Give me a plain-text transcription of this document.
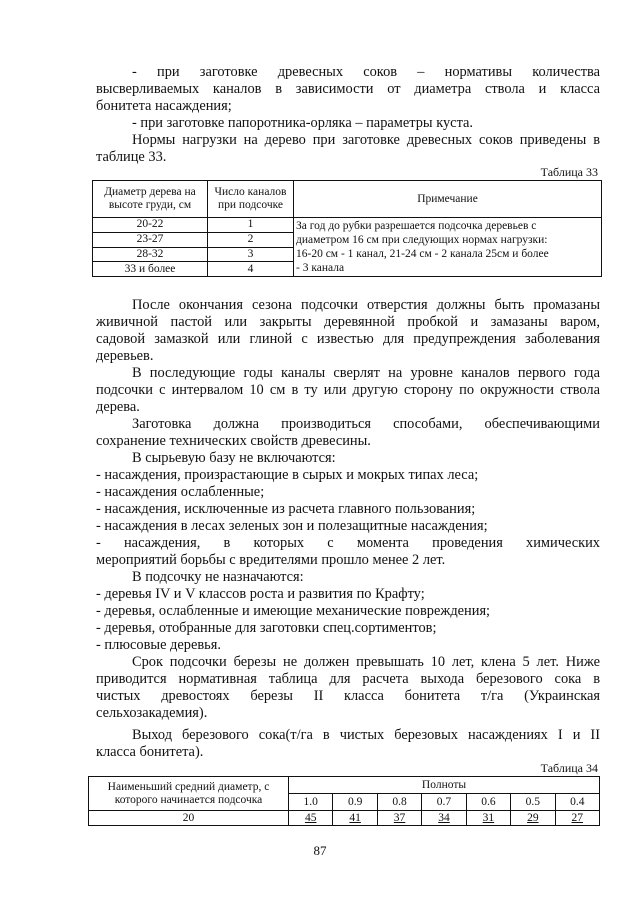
- при заготовке древесных соков – нормативы количества

высверливаемых каналов в зависимости от диаметра ствола и класса

бонитета насаждения;

- при заготовке папоротника-орляка – параметры куста.

Нормы нагрузки на дерево при заготовке древесных соков приведены в

таблице 33.

Таблица 33
Диаметр дерева на высоте груди, см	Число каналов при подсочке	Примечание
20-22	1	За год до рубки разрешается подсочка деревьев с
диаметром 16 см при следующих нормах нагрузки:
16-20 см - 1 канал, 21-24 см - 2 канала 25см и более
- 3 канала

23-27	2	
28-32	3	
33 и более	4	

После окончания сезона подсочки отверстия должны быть промазаны

живичной пастой или закрыты деревянной пробкой и замазаны варом,

садовой замазкой или глиной с известью для предупреждения заболевания

деревьев.

В последующие годы каналы сверлят на уровне каналов первого года

подсочки с интервалом 10 см в ту или другую сторону по окружности ствола

дерева.

Заготовка должна производиться способами, обеспечивающими

сохранение технических свойств древесины.

В сырьевую базу не включаются:

- насаждения, произрастающие в сырых и мокрых типах леса;

- насаждения ослабленные;

- насаждения, исключенные из расчета главного пользования;

- насаждения в лесах зеленых зон и полезащитные насаждения;

- насаждения, в которых с момента проведения химических

мероприятий борьбы с вредителями прошло менее 2 лет.

В подсочку не назначаются:

- деревья IV и V классов роста и развития по Крафту;

- деревья, ослабленные и имеющие механические повреждения;

- деревья, отобранные для заготовки спец.сортиментов;

- плюсовые деревья.

Срок подсочки березы не должен превышать 10 лет, клена 5 лет. Ниже

приводится нормативная таблица для расчета выхода березового сока в

чистых древостоях березы II класса бонитета т/га (Украинская

сельхозакадемия).

Выход березового сока(т/га в чистых березовых насаждениях I и II

класса бонитета).

Таблица 34
Наименьший средний диаметр, с которого начинается подсочка	Полноты						
	1.0	0.9	0.8	0.7	0.6	0.5	0.4
20	45	41	37	34	31	29	27
87
